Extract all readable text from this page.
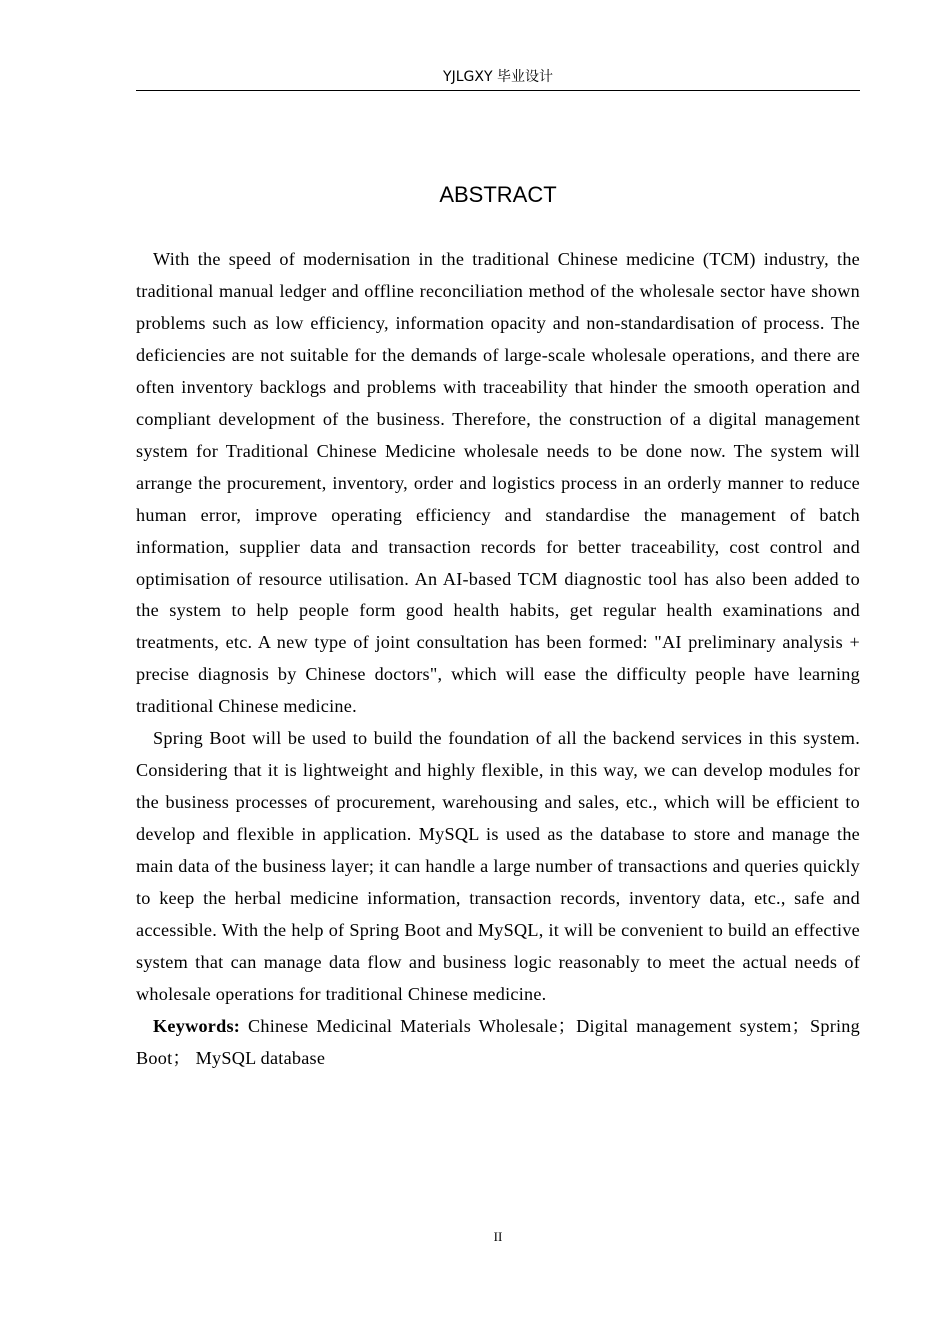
YJLGXY 毕业设计
ABSTRACT

With the speed of modernisation in the traditional Chinese medicine (TCM) industry, the traditional manual ledger and offline reconciliation method of the wholesale sector have shown problems such as low efficiency, information opacity and non-standardisation of process. The deficiencies are not suitable for the demands of large-scale wholesale operations, and there are often inventory backlogs and problems with traceability that hinder the smooth operation and compliant development of the business. Therefore, the construction of a digital management system for Traditional Chinese Medicine wholesale needs to be done now. The system will arrange the procurement, inventory, order and logistics process in an orderly manner to reduce human error, improve operating efficiency and standardise the management of batch information, supplier data and transaction records for better traceability, cost control and optimisation of resource utilisation. An AI-based TCM diagnostic tool has also been added to the system to help people form good health habits, get regular health examinations and treatments, etc. A new type of joint consultation has been formed: "AI preliminary analysis + precise diagnosis by Chinese doctors", which will ease the difficulty people have learning traditional Chinese medicine.

Spring Boot will be used to build the foundation of all the backend services in this system. Considering that it is lightweight and highly flexible, in this way, we can develop modules for the business processes of procurement, warehousing and sales, etc., which will be efficient to develop and flexible in application. MySQL is used as the database to store and manage the main data of the business layer; it can handle a large number of transactions and queries quickly to keep the herbal medicine information, transaction records, inventory data, etc., safe and accessible. With the help of Spring Boot and MySQL, it will be convenient to build an effective system that can manage data flow and business logic reasonably to meet the actual needs of wholesale operations for traditional Chinese medicine.

Keywords: Chinese Medicinal Materials Wholesale；Digital management system；Spring Boot； MySQL database

II
